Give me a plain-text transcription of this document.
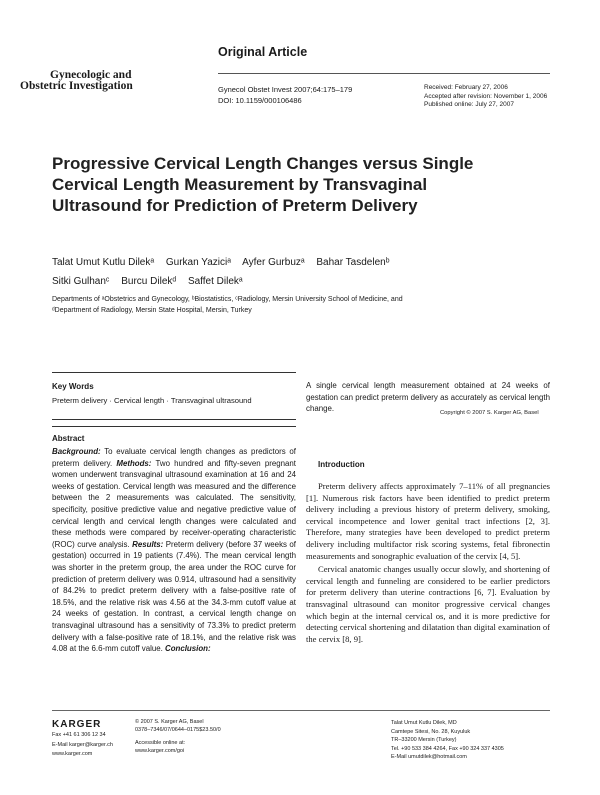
Original Article
Gynecologic and
Obstetric Investigation	Gynecol Obstet Invest 2007;64:175–179
DOI: 10.1159/000106486
Received: February 27, 2006
Accepted after revision: November 1, 2006
Published online: July 27, 2007
Progressive Cervical Length Changes versus Single Cervical Length Measurement by Transvaginal Ultrasound for Prediction of Preterm Delivery
Talat Umut Kutlu Dilekᵃ Gurkan Yaziciᵃ Ayfer Gurbuzᵃ Bahar Tasdelenᵇ
Sitki Gulhanᶜ Burcu Dilekᵈ Saffet Dilekᵃ
Departments of ᵃObstetrics and Gynecology, ᵇBiostatistics, ᶜRadiology, Mersin University School of Medicine, and
ᵈDepartment of Radiology, Mersin State Hospital, Mersin, Turkey
Key Words
Preterm delivery · Cervical length · Transvaginal ultrasound
Abstract
Background: To evaluate cervical length changes as predictors of preterm delivery. Methods: Two hundred and fifty-seven pregnant women underwent transvaginal ultrasound examination at 16 and 24 weeks of gestation. Cervical length was measured and the difference between the 2 measurements was calculated. The sensitivity, specificity, positive predictive value and negative predictive value of cervical length and cervical length changes were calculated and these methods were compared by receiver-operating characteristic (ROC) curve analysis. Results: Preterm delivery (before 37 weeks of gestation) occurred in 19 patients (7.4%). The mean cervical length was shorter in the preterm group, the area under the ROC curve for prediction of preterm delivery was 0.914, ultrasound had a sensitivity of 84.2% to predict preterm delivery with a false-positive rate of 18.5%, and the relative risk was 4.56 at the 34.3-mm cutoff value at 24 weeks of gestation. In contrast, a cervical length change on transvaginal ultrasound has a sensitivity of 73.3% to predict preterm delivery with a false-positive rate of 18.1%, and the relative risk was 4.08 at the 6.6-mm cutoff value. Conclusion:
A single cervical length measurement obtained at 24 weeks of gestation can predict preterm delivery as accurately as cervical length change.	Copyright © 2007 S. Karger AG, Basel
Introduction

Preterm delivery affects approximately 7–11% of all pregnancies [1]. Numerous risk factors have been identified to predict preterm delivery including a previous history of preterm delivery, smoking, cervical incompetence and lower genital tract infections [2, 3]. Therefore, many strategies have been developed to predict preterm delivery including multifactor risk scoring systems, fetal fibronectin measurements and sonographic evaluation of the cervix [4, 5].

Cervical anatomic changes usually occur slowly, and shortening of cervical length and funneling are considered to be earlier predictors for preterm delivery than uterine contractions [6, 7]. Evaluation by transvaginal ultrasound can monitor progressive cervical changes which begin at the internal cervical os, and it is more predictive for detecting cervical shortening and dilatation than digital examination of the cervix [8, 9].

KARGER
Fax +41 61 306 12 34
E-Mail karger@karger.ch
www.karger.com
© 2007 S. Karger AG, Basel
0378–7346/07/0644–0175$23.50/0
Accessible online at:
www.karger.com/goi
Talat Umut Kutlu Dilek, MD
Camtepe Sitesi, No. 28, Kuyuluk
TR–33200 Mersin (Turkey)
Tel. +90 533 384 4264, Fax +90 324 337 4305
E-Mail umutdilek@hotmail.com
